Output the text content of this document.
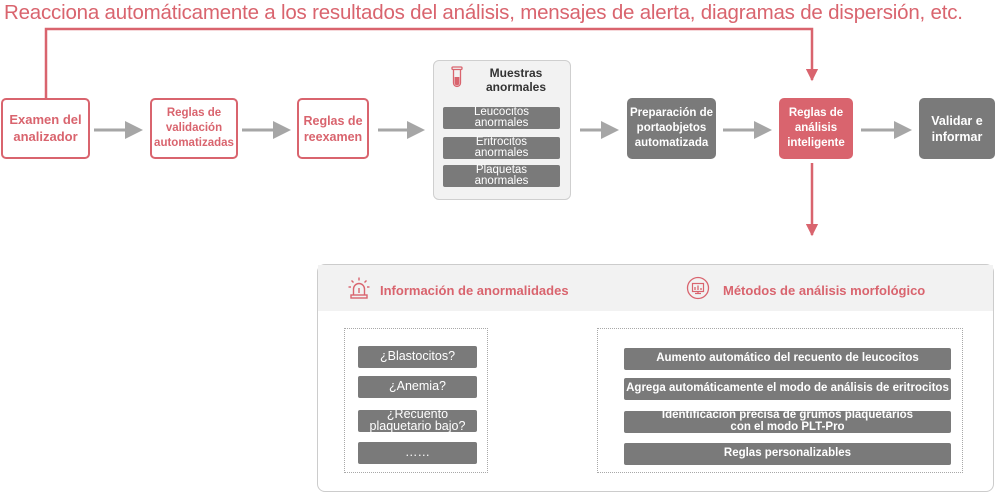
Reacciona automáticamente a los resultados del análisis, mensajes de alerta, diagramas de dispersión, etc.
Examen del
analizador
Reglas de
validación
automatizadas
Reglas de
reexamen
Muestras
anormales
Leucocitos
anormales
Eritrocitos
anormales
Plaquetas
anormales
Preparación de
portaobjetos
automatizada
Reglas de
análisis
inteligente
Validar e
informar
Información de anormalidades	Métodos de análisis morfológico
¿Blastocitos?
¿Anemia?
¿Recuento
plaquetario bajo?
……
Aumento automático del recuento de leucocitos
Agrega automáticamente el modo de análisis de eritrocitos
Identificación precisa de grumos plaquetarios
con el modo PLT-Pro
Reglas personalizables
